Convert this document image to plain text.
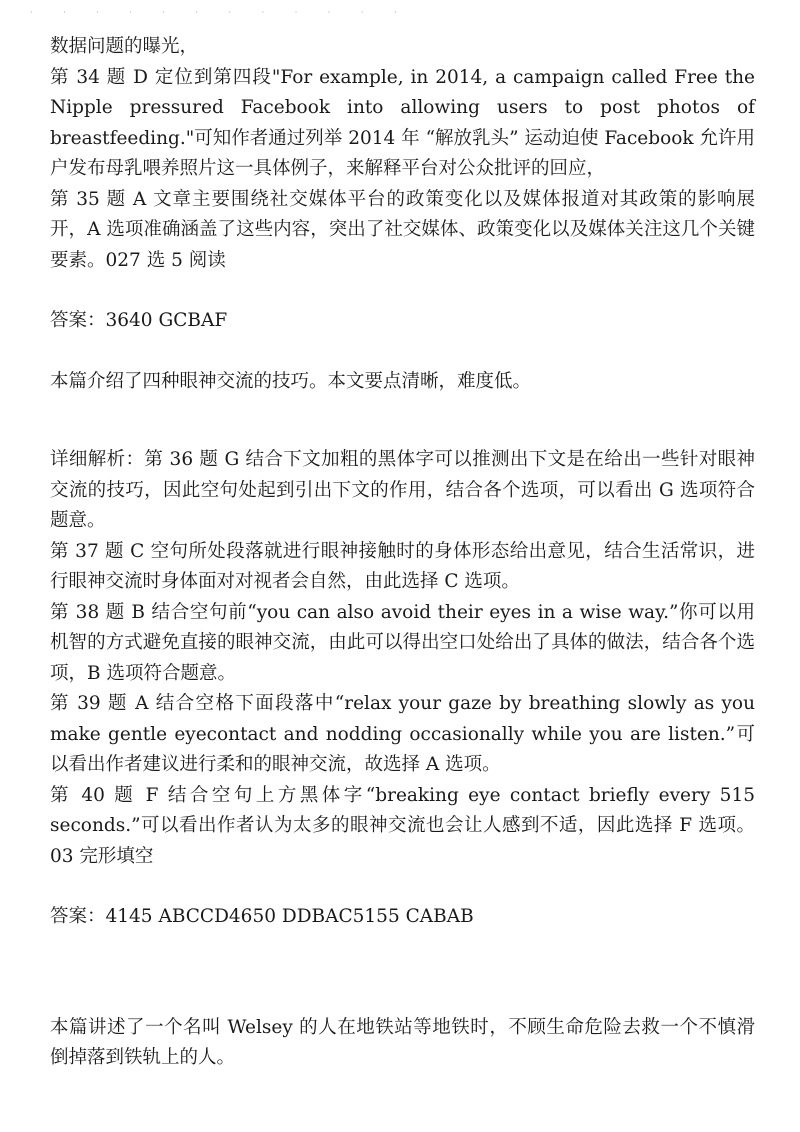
· · · · · · · · · · · ·

数据问题的曝光，

第 34 题 D 定位到第四段"For example, in 2014, a campaign called Free the Nipple pressured Facebook into allowing users to post photos of breastfeeding."可知作者通过列举 2014 年 “解放乳头” 运动迫使 Facebook 允许用户发布母乳喂养照片这一具体例子，来解释平台对公众批评的回应，

第 35 题 A 文章主要围绕社交媒体平台的政策变化以及媒体报道对其政策的影响展开，A 选项准确涵盖了这些内容，突出了社交媒体、政策变化以及媒体关注这几个关键要素。027 选 5 阅读

答案：3640 GCBAF

本篇介绍了四种眼神交流的技巧。本文要点清晰，难度低。

详细解析：第 36 题 G 结合下文加粗的黑体字可以推测出下文是在给出一些针对眼神交流的技巧，因此空句处起到引出下文的作用，结合各个选项，可以看出 G 选项符合题意。

第 37 题 C 空句所处段落就进行眼神接触时的身体形态给出意见，结合生活常识，进行眼神交流时身体面对对视者会自然，由此选择 C 选项。

第 38 题 B 结合空句前“you can also avoid their eyes in a wise way.”你可以用机智的方式避免直接的眼神交流，由此可以得出空口处给出了具体的做法，结合各个选项，B 选项符合题意。

第 39 题 A 结合空格下面段落中“relax your gaze by breathing slowly as you make gentle eyecontact and nodding occasionally while you are listen.”可以看出作者建议进行柔和的眼神交流，故选择 A 选项。

第 40 题 F 结合空句上方黑体字“breaking eye contact briefly every 515 seconds.”可以看出作者认为太多的眼神交流也会让人感到不适，因此选择 F 选项。03 完形填空

答案：4145 ABCCD4650 DDBAC5155 CABAB

本篇讲述了一个名叫 Welsey 的人在地铁站等地铁时，不顾生命危险去救一个不慎滑倒掉落到铁轨上的人。
